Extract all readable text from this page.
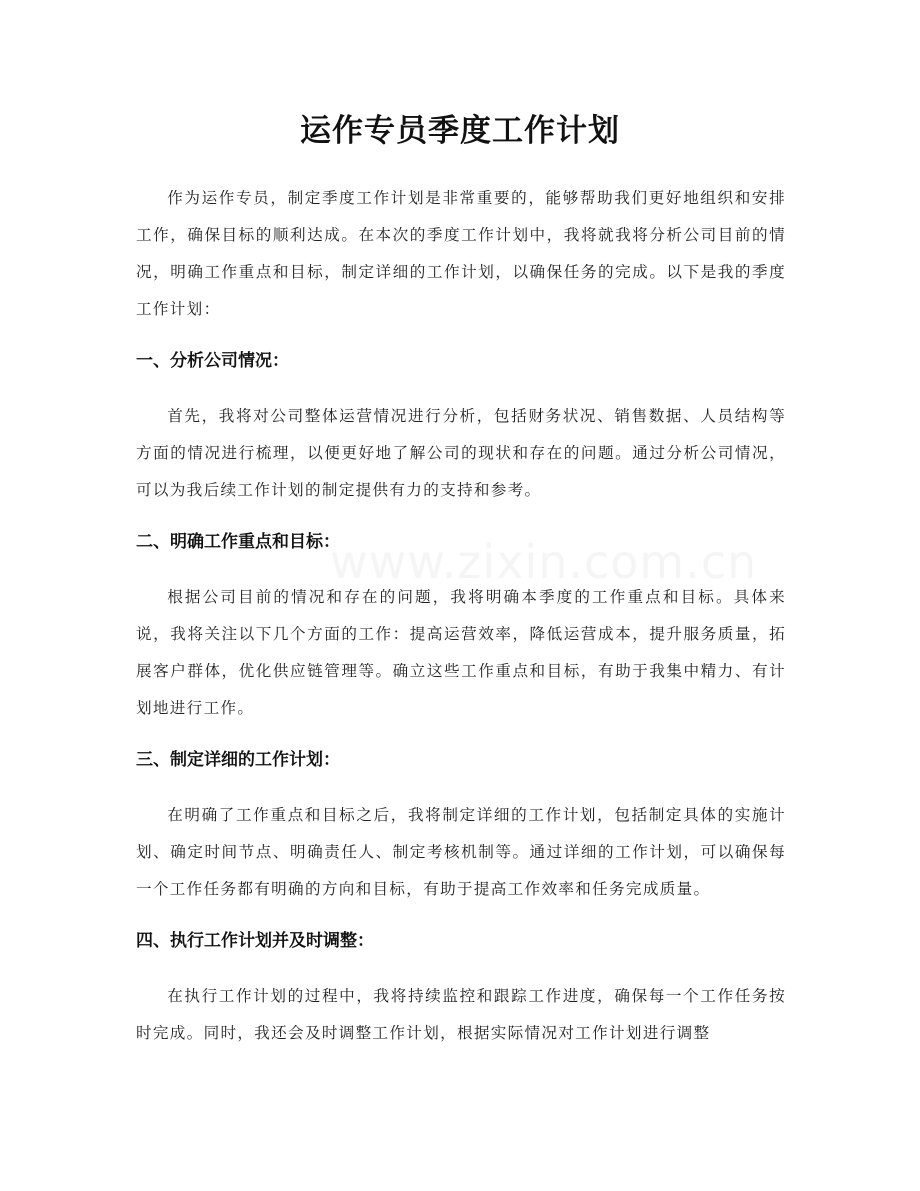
运作专员季度工作计划

作为运作专员，制定季度工作计划是非常重要的，能够帮助我们更好地组织和安排工作，确保目标的顺利达成。在本次的季度工作计划中，我将就我将分析公司目前的情况，明确工作重点和目标，制定详细的工作计划，以确保任务的完成。以下是我的季度工作计划：

一、分析公司情况：

首先，我将对公司整体运营情况进行分析，包括财务状况、销售数据、人员结构等方面的情况进行梳理，以便更好地了解公司的现状和存在的问题。通过分析公司情况，可以为我后续工作计划的制定提供有力的支持和参考。

二、明确工作重点和目标：

根据公司目前的情况和存在的问题，我将明确本季度的工作重点和目标。具体来说，我将关注以下几个方面的工作：提高运营效率，降低运营成本，提升服务质量，拓展客户群体，优化供应链管理等。确立这些工作重点和目标，有助于我集中精力、有计划地进行工作。

三、制定详细的工作计划：

在明确了工作重点和目标之后，我将制定详细的工作计划，包括制定具体的实施计划、确定时间节点、明确责任人、制定考核机制等。通过详细的工作计划，可以确保每一个工作任务都有明确的方向和目标，有助于提高工作效率和任务完成质量。

四、执行工作计划并及时调整：

在执行工作计划的过程中，我将持续监控和跟踪工作进度，确保每一个工作任务按时完成。同时，我还会及时调整工作计划，根据实际情况对工作计划进行调整

www.zixin.com.cn
